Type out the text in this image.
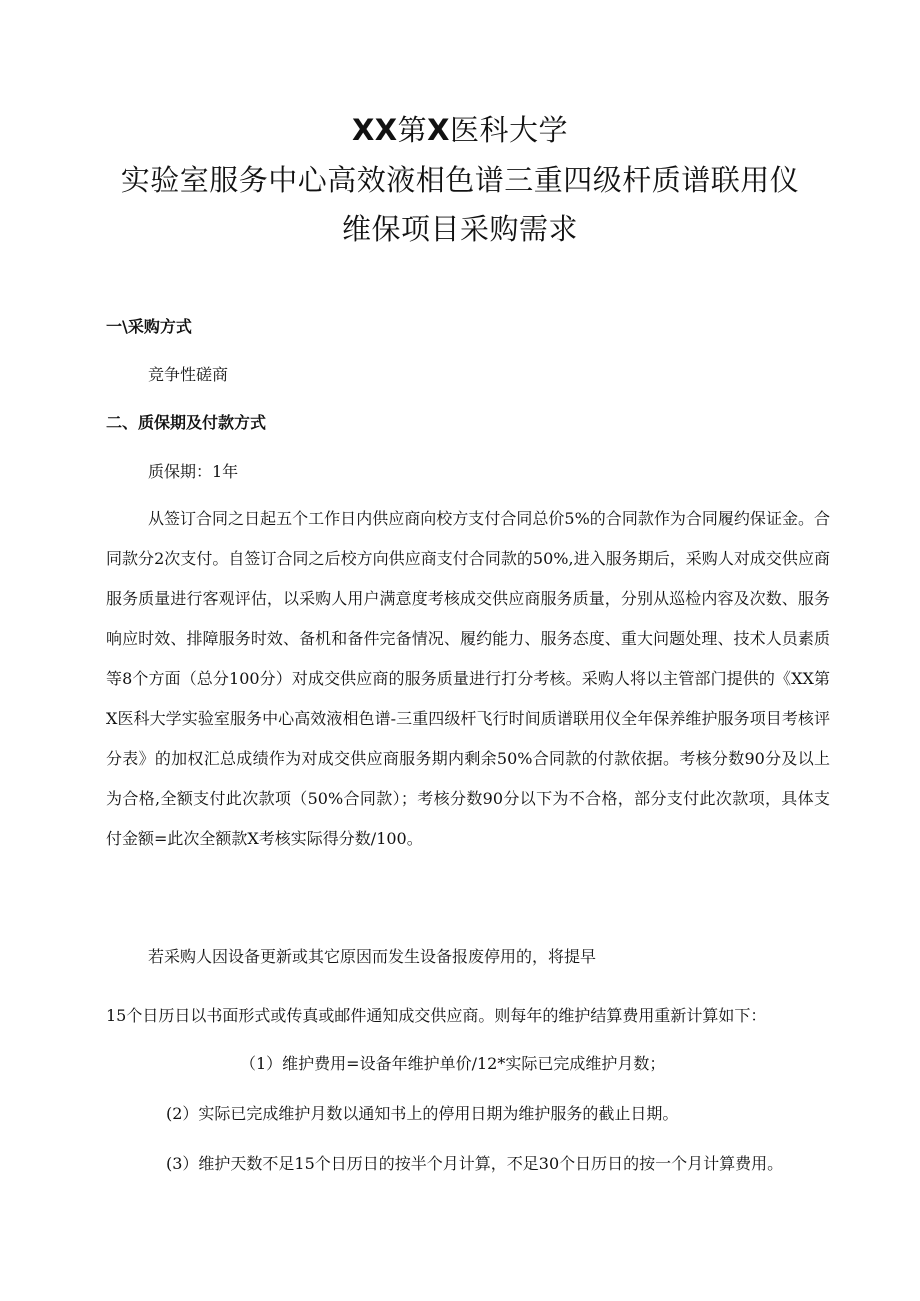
XX第X医科大学
实验室服务中心高效液相色谱三重四级杆质谱联用仪
维保项目采购需求
一\采购方式
竞争性磋商
二、质保期及付款方式
质保期：1年
从签订合同之日起五个工作日内供应商向校方支付合同总价5%的合同款作为合同履约保证金。合同款分2次支付。自签订合同之后校方向供应商支付合同款的50%,进入服务期后，采购人对成交供应商服务质量进行客观评估，以采购人用户满意度考核成交供应商服务质量，分别从巡检内容及次数、服务响应时效、排障服务时效、备机和备件完备情况、履约能力、服务态度、重大问题处理、技术人员素质等8个方面（总分100分）对成交供应商的服务质量进行打分考核。采购人将以主管部门提供的《XX第X医科大学实验室服务中心高效液相色谱-三重四级杆飞行时间质谱联用仪全年保养维护服务项目考核评分表》的加权汇总成绩作为对成交供应商服务期内剩余50%合同款的付款依据。考核分数90分及以上为合格,全额支付此次款项（50%合同款）；考核分数90分以下为不合格，部分支付此次款项，具体支付金额=此次全额款X考核实际得分数/100。
若采购人因设备更新或其它原因而发生设备报废停用的，将提早
15个日历日以书面形式或传真或邮件通知成交供应商。则每年的维护结算费用重新计算如下：
（1）维护费用=设备年维护单价/12*实际已完成维护月数；
(2）实际已完成维护月数以通知书上的停用日期为维护服务的截止日期。
(3）维护天数不足15个日历日的按半个月计算，不足30个日历日的按一个月计算费用。
